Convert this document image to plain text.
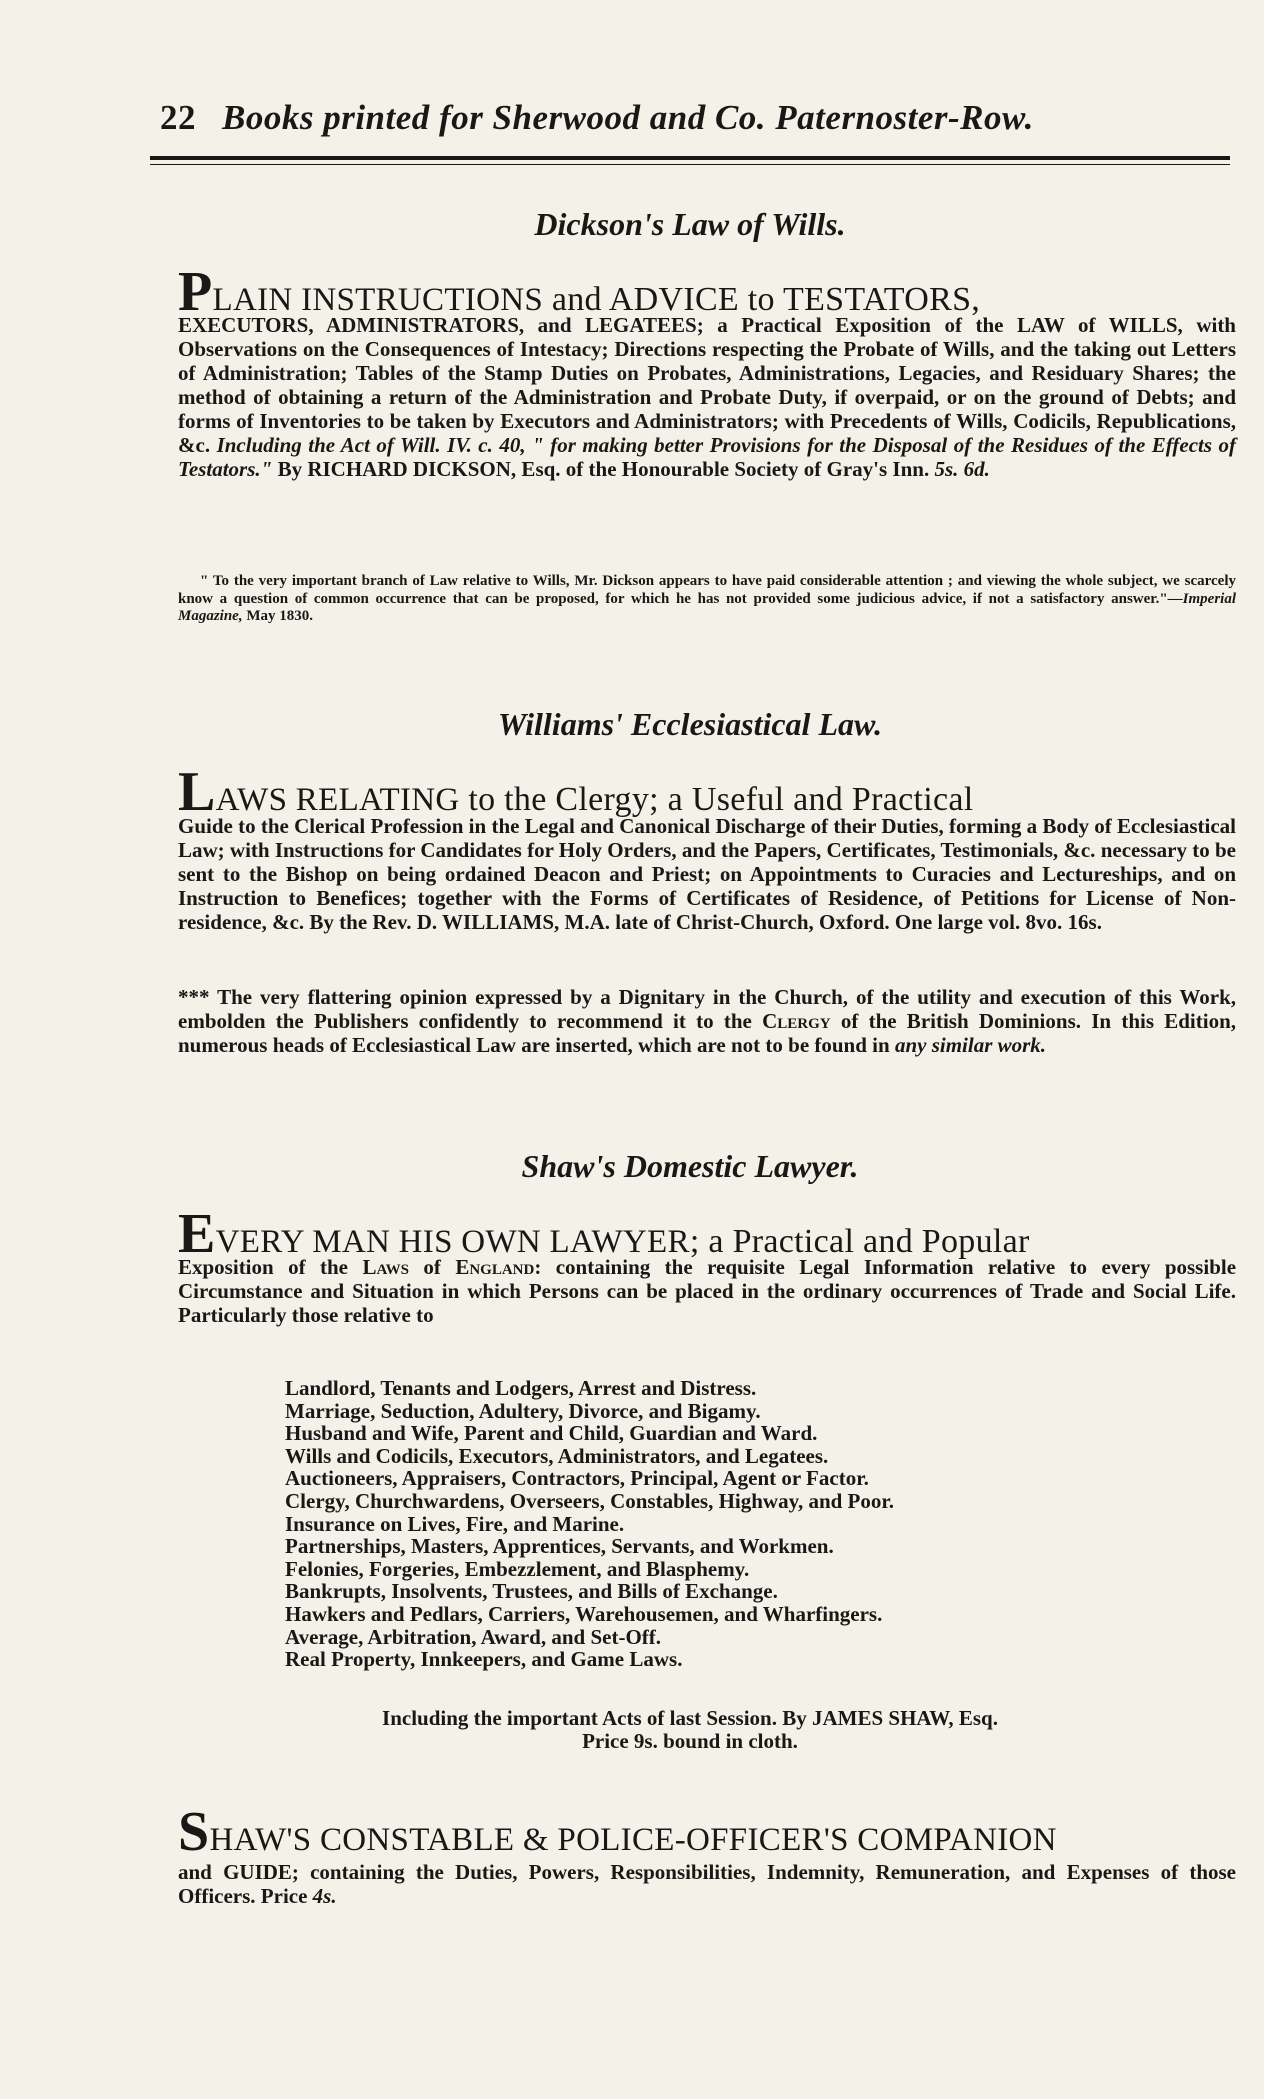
22 Books printed for Sherwood and Co. Paternoster-Row.
Dickson's Law of Wills.
PLAIN INSTRUCTIONS and ADVICE to TESTATORS,

EXECUTORS, ADMINISTRATORS, and LEGATEES; a Practical Exposition of the LAW of WILLS, with Observations on the Consequences of Intestacy; Directions respecting the Probate of Wills, and the taking out Letters of Administration; Tables of the Stamp Duties on Probates, Administrations, Legacies, and Residuary Shares; the method of obtaining a return of the Administration and Probate Duty, if overpaid, or on the ground of Debts; and forms of Inventories to be taken by Executors and Administrators; with Precedents of Wills, Codicils, Republications, &c. Including the Act of Will. IV. c. 40, " for making better Provisions for the Disposal of the Residues of the Effects of Testators." By RICHARD DICKSON, Esq. of the Honourable Society of Gray's Inn. 5s. 6d.

" To the very important branch of Law relative to Wills, Mr. Dickson appears to have paid considerable attention ; and viewing the whole subject, we scarcely know a question of common occurrence that can be proposed, for which he has not provided some judicious advice, if not a satisfactory answer."—Imperial Magazine, May 1830.
Williams' Ecclesiastical Law.
LAWS RELATING to the Clergy; a Useful and Practical

Guide to the Clerical Profession in the Legal and Canonical Discharge of their Duties, forming a Body of Ecclesiastical Law; with Instructions for Candidates for Holy Orders, and the Papers, Certificates, Testimonials, &c. necessary to be sent to the Bishop on being ordained Deacon and Priest; on Appointments to Curacies and Lectureships, and on Instruction to Benefices; together with the Forms of Certificates of Residence, of Petitions for License of Non-residence, &c. By the Rev. D. WILLIAMS, M.A. late of Christ-Church, Oxford. One large vol. 8vo. 16s.

*** The very flattering opinion expressed by a Dignitary in the Church, of the utility and execution of this Work, embolden the Publishers confidently to recommend it to the Clergy of the British Dominions. In this Edition, numerous heads of Ecclesiastical Law are inserted, which are not to be found in any similar work.

Shaw's Domestic Lawyer.
EVERY MAN HIS OWN LAWYER; a Practical and Popular

Exposition of the Laws of England: containing the requisite Legal Information relative to every possible Circumstance and Situation in which Persons can be placed in the ordinary occurrences of Trade and Social Life. Particularly those relative to

Landlord, Tenants and Lodgers, Arrest and Distress.
Marriage, Seduction, Adultery, Divorce, and Bigamy.
Husband and Wife, Parent and Child, Guardian and Ward.
Wills and Codicils, Executors, Administrators, and Legatees.
Auctioneers, Appraisers, Contractors, Principal, Agent or Factor.
Clergy, Churchwardens, Overseers, Constables, Highway, and Poor.
Insurance on Lives, Fire, and Marine.
Partnerships, Masters, Apprentices, Servants, and Workmen.
Felonies, Forgeries, Embezzlement, and Blasphemy.
Bankrupts, Insolvents, Trustees, and Bills of Exchange.
Hawkers and Pedlars, Carriers, Warehousemen, and Wharfingers.
Average, Arbitration, Award, and Set-Off.
Real Property, Innkeepers, and Game Laws.
Including the important Acts of last Session. By JAMES SHAW, Esq.
Price 9s. bound in cloth.
SHAW'S CONSTABLE & POLICE-OFFICER'S COMPANION

and GUIDE; containing the Duties, Powers, Responsibilities, Indemnity, Remuneration, and Expenses of those Officers. Price 4s.
